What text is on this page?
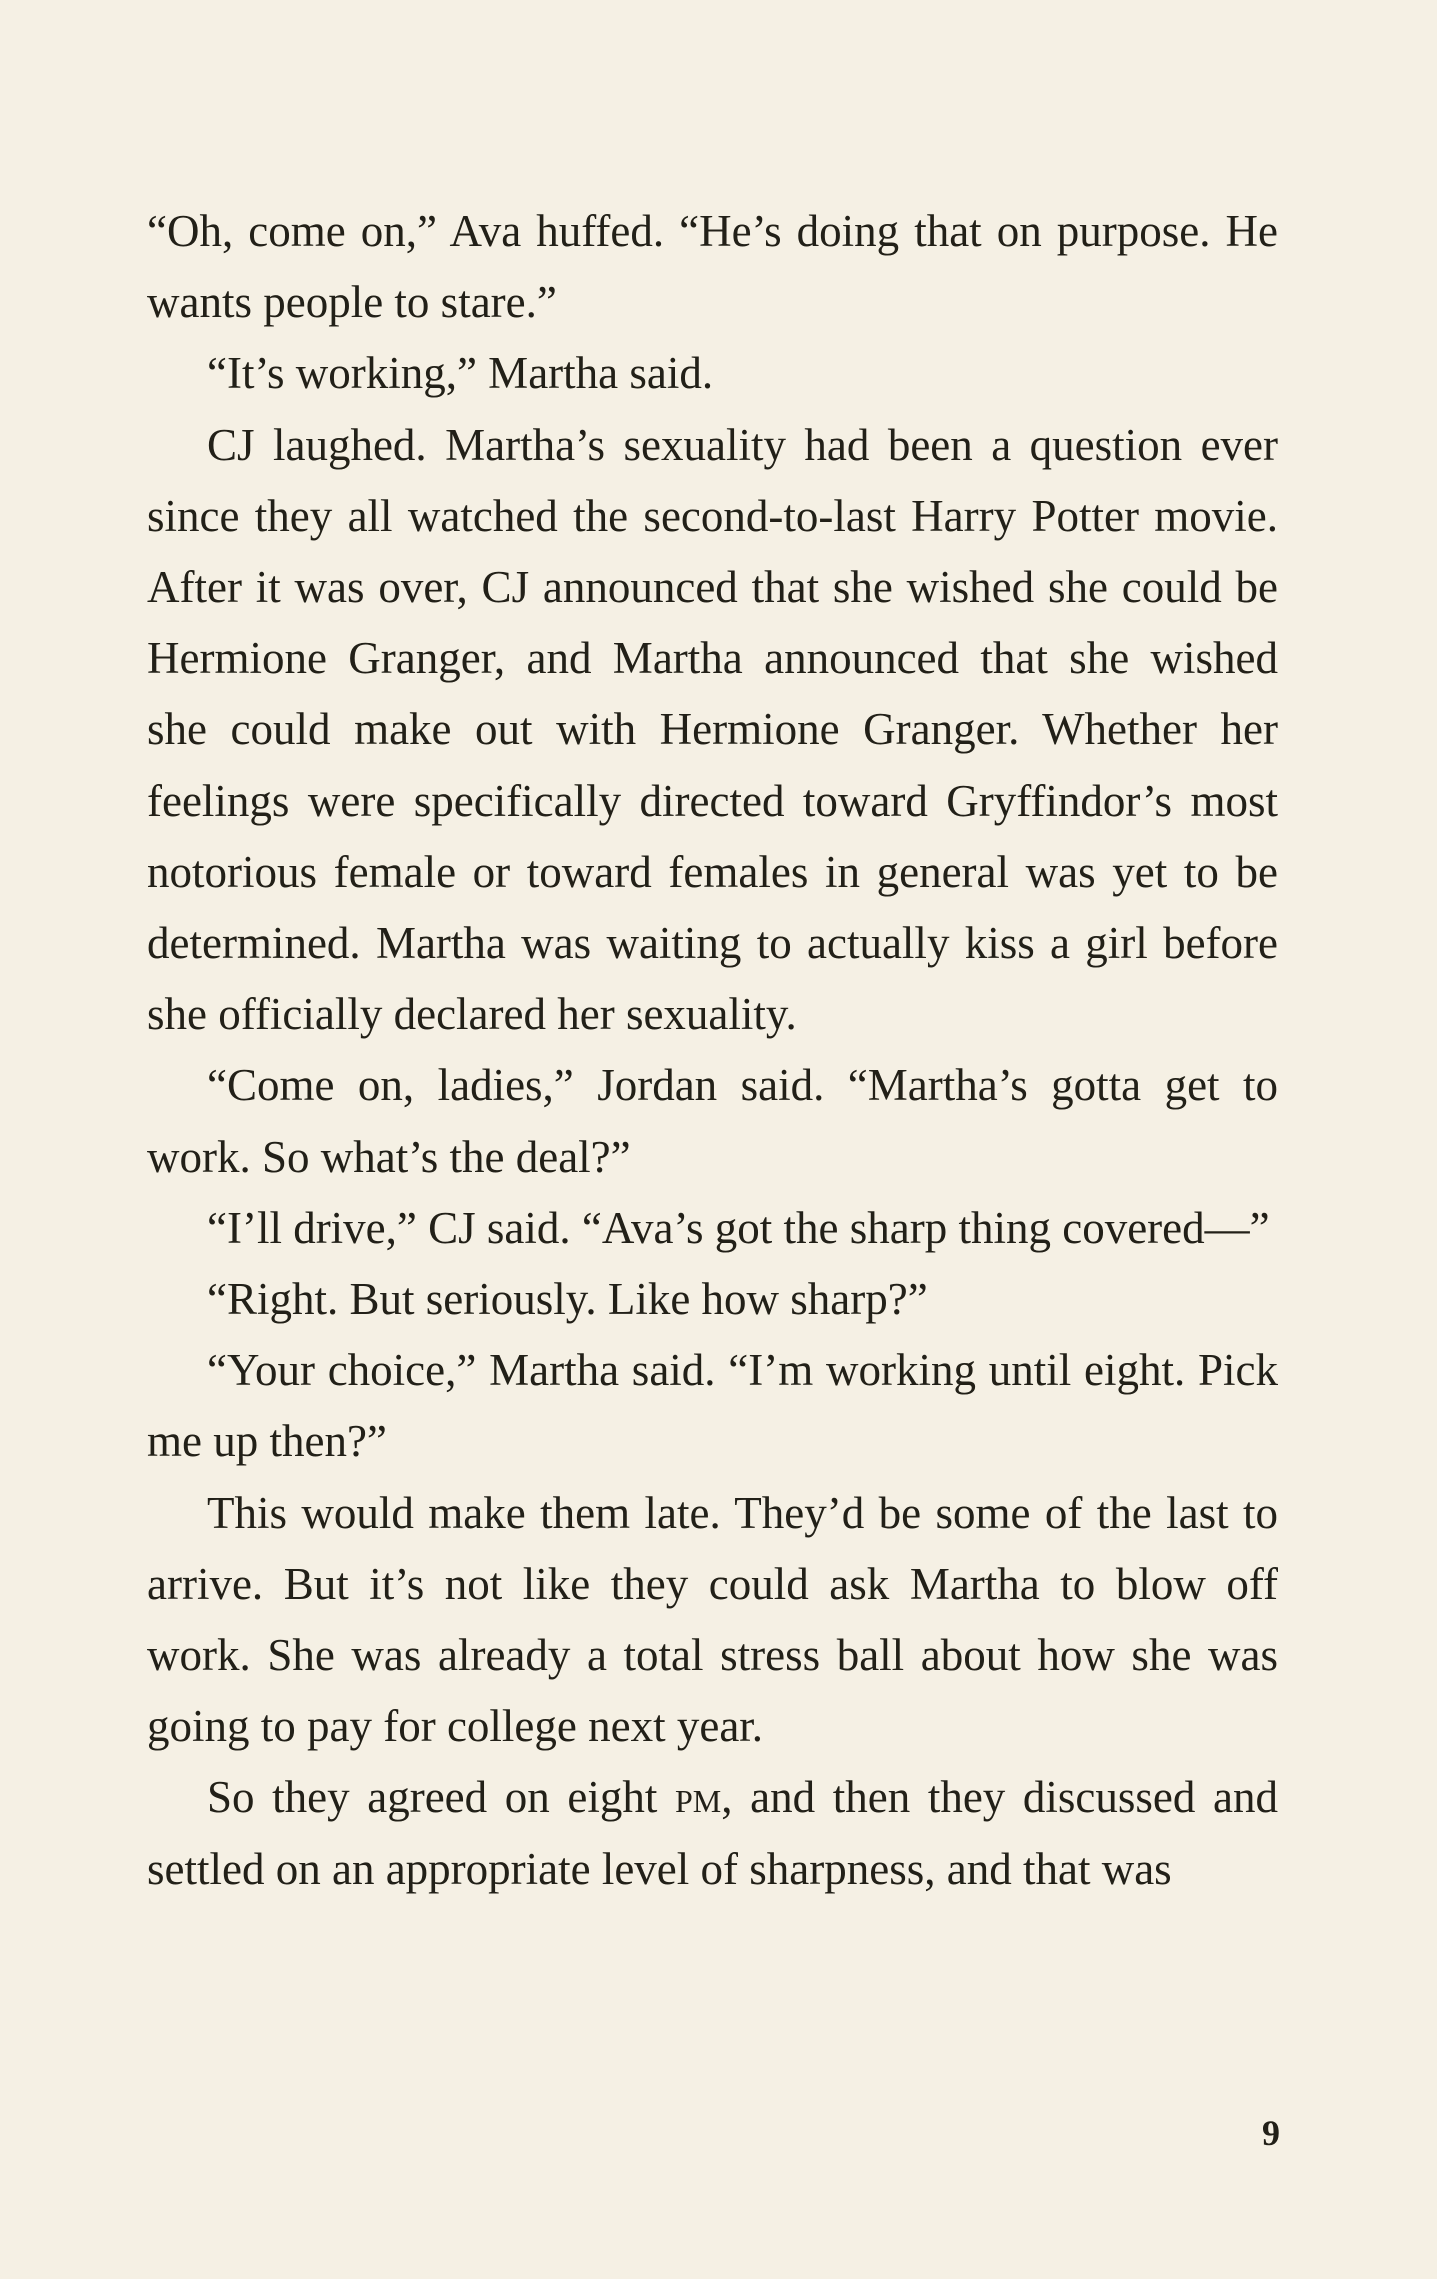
“Oh, come on,” Ava huffed. “He’s doing that on purpose. He wants people to stare.”

“It’s working,” Martha said.

CJ laughed. Martha’s sexuality had been a question ever since they all watched the second-to-last Harry Potter movie. After it was over, CJ announced that she wished she could be Hermione Granger, and Martha announced that she wished she could make out with Hermione Granger. Whether her feelings were specifically directed toward Gryffindor’s most notorious female or toward females in general was yet to be determined. Martha was waiting to actually kiss a girl before she officially declared her sexuality.

“Come on, ladies,” Jordan said. “Martha’s gotta get to work. So what’s the deal?”

“I’ll drive,” CJ said. “Ava’s got the sharp thing covered—”

“Right. But seriously. Like how sharp?”

“Your choice,” Martha said. “I’m working until eight. Pick me up then?”

This would make them late. They’d be some of the last to arrive. But it’s not like they could ask Martha to blow off work. She was already a total stress ball about how she was going to pay for college next year.

So they agreed on eight pm, and then they discussed and settled on an appropriate level of sharpness, and that was

9
